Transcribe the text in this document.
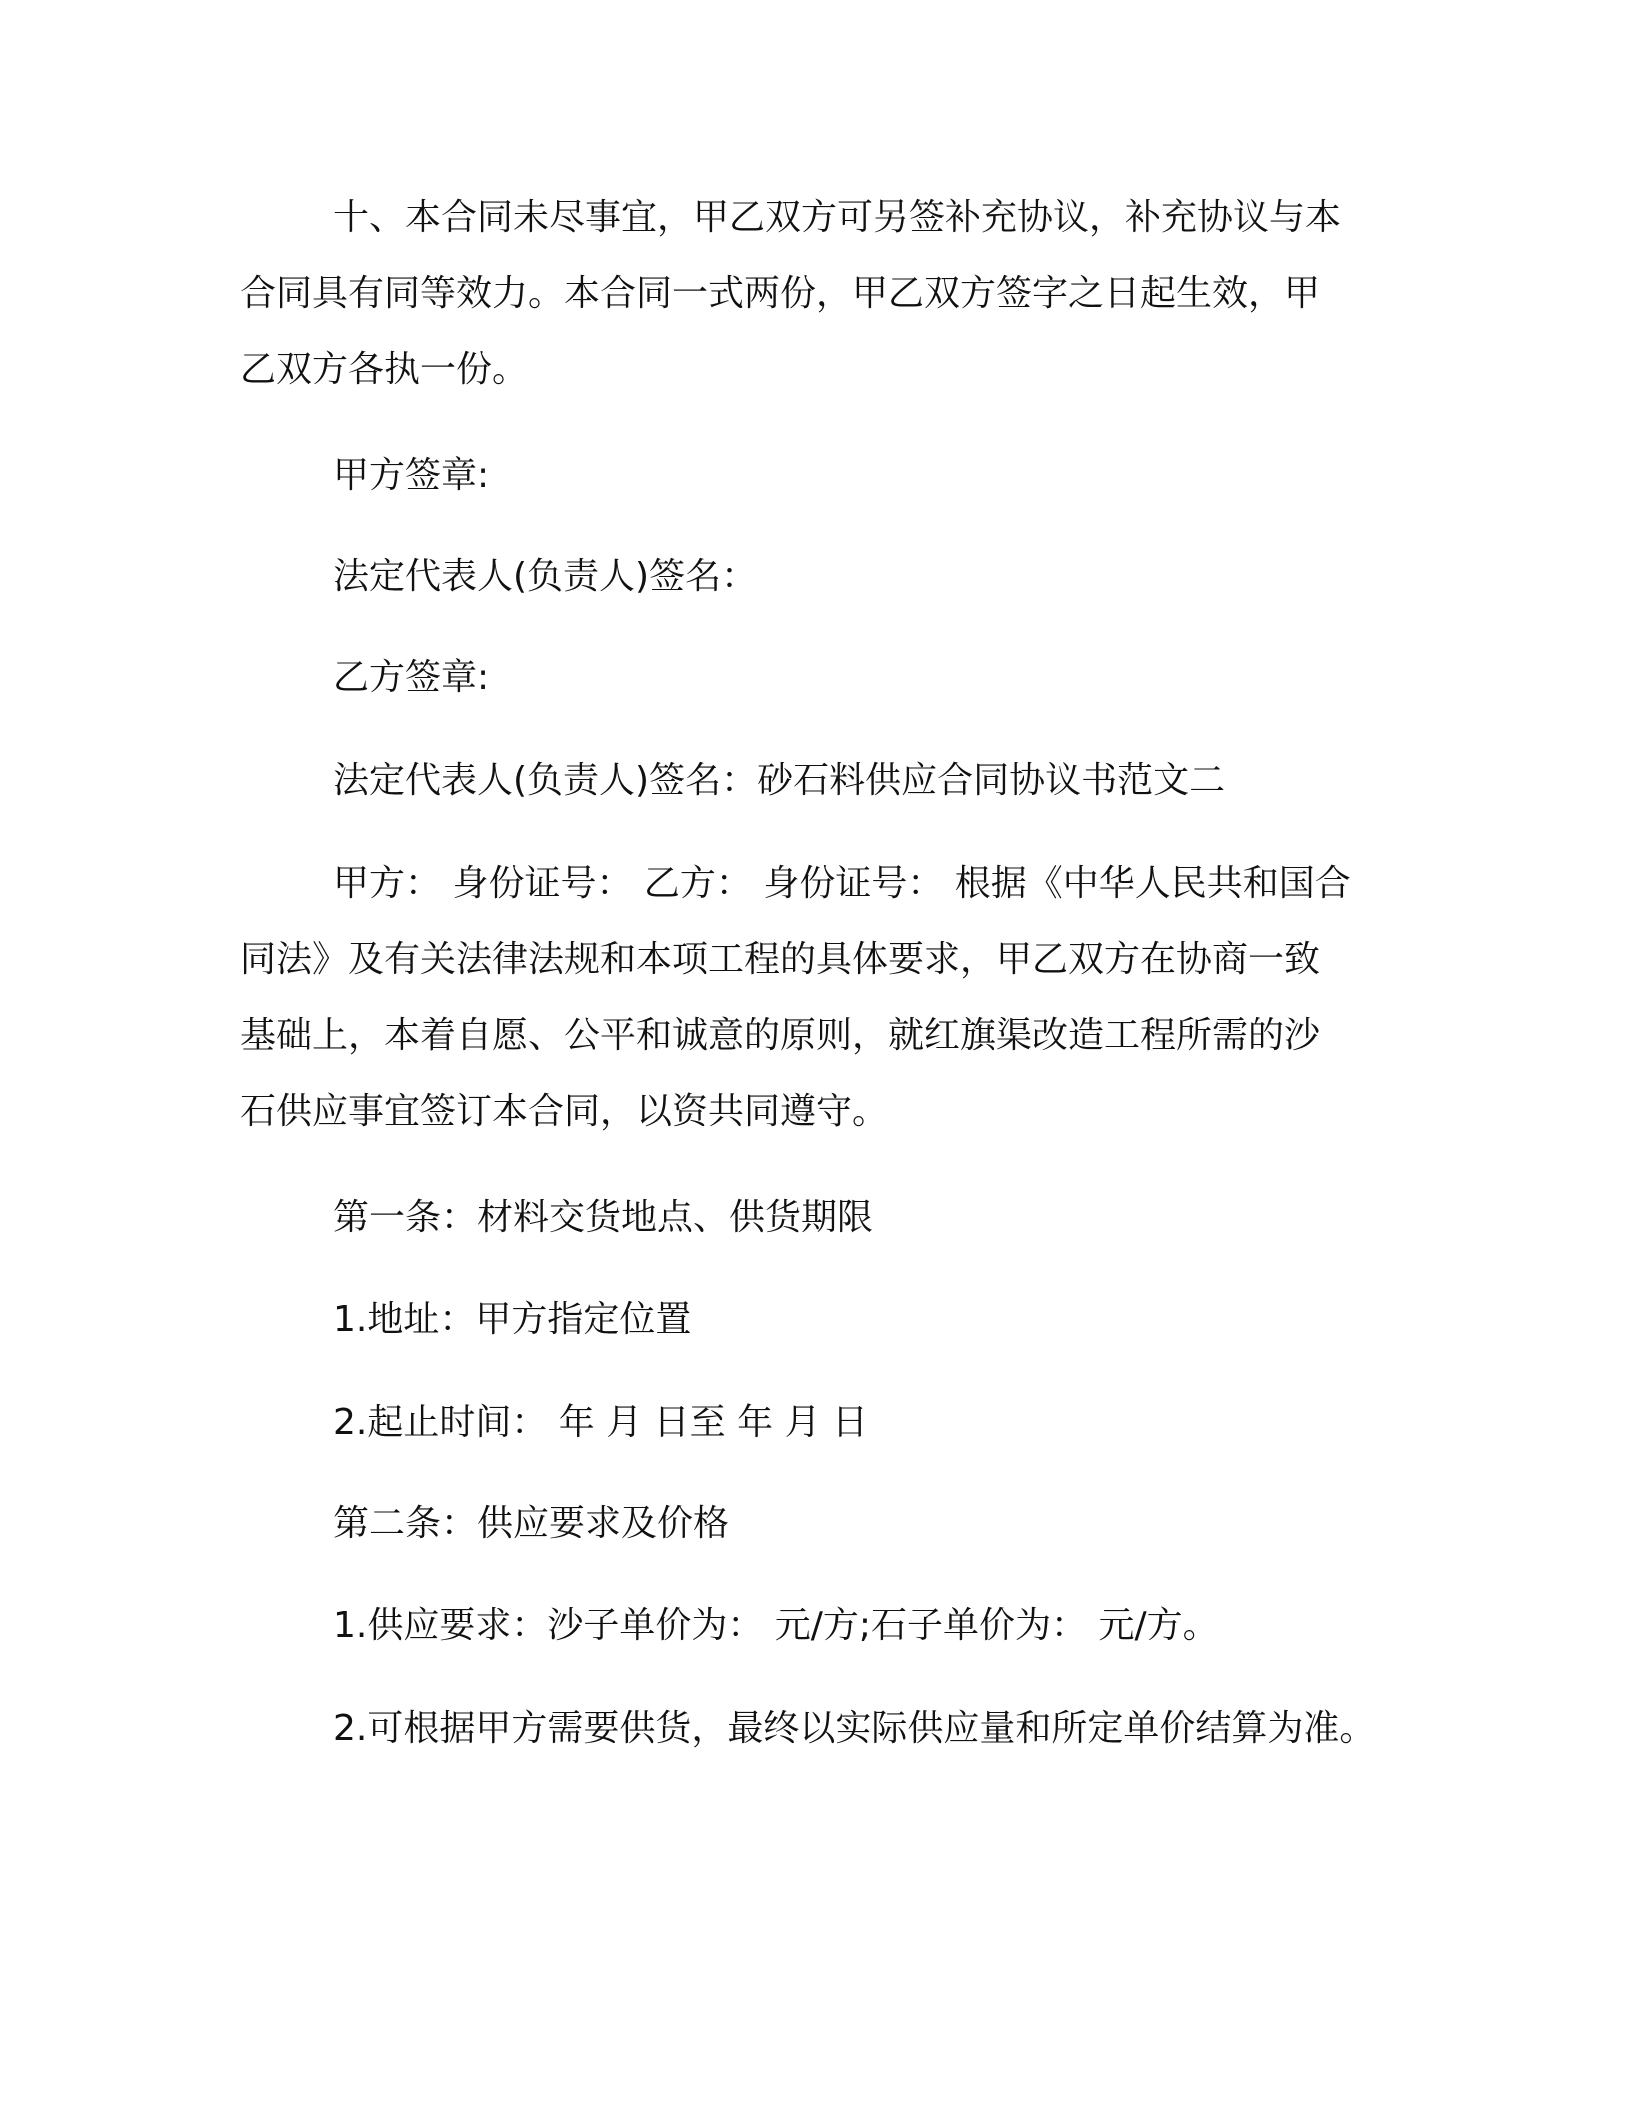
十、本合同未尽事宜，甲乙双方可另签补充协议，补充协议与本

合同具有同等效力。本合同一式两份，甲乙双方签字之日起生效，甲

乙双方各执一份。

甲方签章:

法定代表人(负责人)签名：

乙方签章:

法定代表人(负责人)签名：砂石料供应合同协议书范文二

甲方： 身份证号： 乙方： 身份证号： 根据《中华人民共和国合

同法》及有关法律法规和本项工程的具体要求，甲乙双方在协商一致

基础上，本着自愿、公平和诚意的原则，就红旗渠改造工程所需的沙

石供应事宜签订本合同，以资共同遵守。

第一条：材料交货地点、供货期限

1.地址：甲方指定位置

2.起止时间： 年 月 日至 年 月 日

第二条：供应要求及价格

1.供应要求：沙子单价为： 元/方;石子单价为： 元/方。

2.可根据甲方需要供货，最终以实际供应量和所定单价结算为准。
